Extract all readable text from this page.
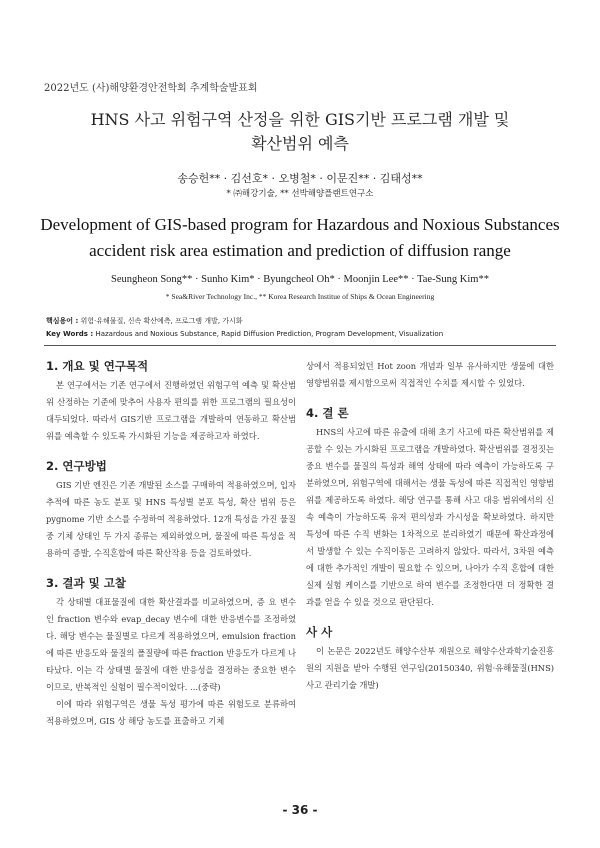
2022년도 (사)해양환경안전학회 추계학술발표회
HNS 사고 위험구역 산정을 위한 GIS기반 프로그램 개발 및
확산범위 예측
송승헌** · 김선호* · 오병철* · 이문진** · 김태성**
* ㈜해강기술, ** 선박해양플랜트연구소
Development of GIS-based program for Hazardous and Noxious Substances
accident risk area estimation and prediction of diffusion range
Seungheon Song** · Sunho Kim* · Byungcheol Oh* · Moonjin Lee** · Tae-Sung Kim**
* Sea&River Technology Inc., ** Korea Research Institue of Ships & Ocean Engineering
핵심용어 : 위험·유해물질, 신속 확산예측, 프로그램 개발, 가시화
Key Words : Hazardous and Noxious Substance, Rapid Diffusion Prediction, Program Development, Visualization
1. 개요 및 연구목적

본 연구에서는 기존 연구에서 진행하였던 위험구역 예측 및 확산범위 산정하는 기준에 맞추어 사용자 편의를 위한 프로그램의 필요성이 대두되었다. 따라서 GIS기반 프로그램을 개발하여 연동하고 확산범위를 예측할 수 있도록 가시화된 기능을 제공하고자 하였다.

2. 연구방법

GIS 기반 엔진은 기존 개발된 소스를 구매하여 적용하였으며, 입자추적에 따른 농도 분포 및 HNS 특성별 분포 특성, 확산 범위 등은 pygnome 기반 소스를 수정하여 적용하였다. 12개 특성을 가진 물질 중 기체 상태인 두 가지 종류는 제외하였으며, 물질에 따른 특성을 적용하여 증발, 수직혼합에 따른 확산작용 등을 검토하였다.

3. 결과 및 고찰

각 상태별 대표물질에 대한 확산결과를 비교하였으며, 증 요 변수인 fraction 변수와 evap_decay 변수에 대한 반응변수를 조정하였다. 해당 변수는 물질별로 다르게 적용하였으며, emulsion fraction에 따른 반응도와 물질의 폴질량에 따른 fraction 반응도가 다르게 나타났다. 이는 각 상태별 물질에 대한 반응성을 결정하는 중요한 변수이므로, 반복적인 실험이 필수적이었다. ...(중략)

이에 따라 위험구역은 생물 독성 평가에 따른 위험도로 분류하여 적용하였으며, GIS 상 해당 농도를 표출하고 기체

상에서 적용되었던 Hot zoon 개념과 일부 유사하지만 생물에 대한 영향범위를 제시함으로써 직접적인 수치를 제시할 수 있었다.

4. 결 론

HNS의 사고에 따른 유출에 대해 초기 사고에 따른 확산범위를 제공할 수 있는 가시화된 프로그램을 개발하였다. 확산범위를 결정짓는 중요 변수를 물질의 특성과 해역 상태에 따라 예측이 가능하도록 구분하였으며, 위험구역에 대해서는 생물 독성에 따른 직접적인 영향범위를 제공하도록 하였다. 해당 연구를 통해 사고 대응 범위에서의 신속 예측이 가능하도록 유저 편의성과 가시성을 확보하였다. 하지만 특성에 따른 수직 변화는 1차적으로 분리하였기 때문에 확산과정에서 발생할 수 있는 수직이동은 고려하지 않았다. 따라서, 3차원 예측에 대한 추가적인 개발이 필요할 수 있으며, 나아가 수직 혼합에 대한 실제 실험 케이스를 기반으로 하여 변수를 조정한다면 더 정확한 결과를 얻을 수 있을 것으로 판단된다.

사 사

이 논문은 2022년도 해양수산부 재원으로 해양수산과학기술진흥원의 지원을 받아 수행된 연구임(20150340, 위험·유해물질(HNS)사고 관리기술 개발)

- 36 -
